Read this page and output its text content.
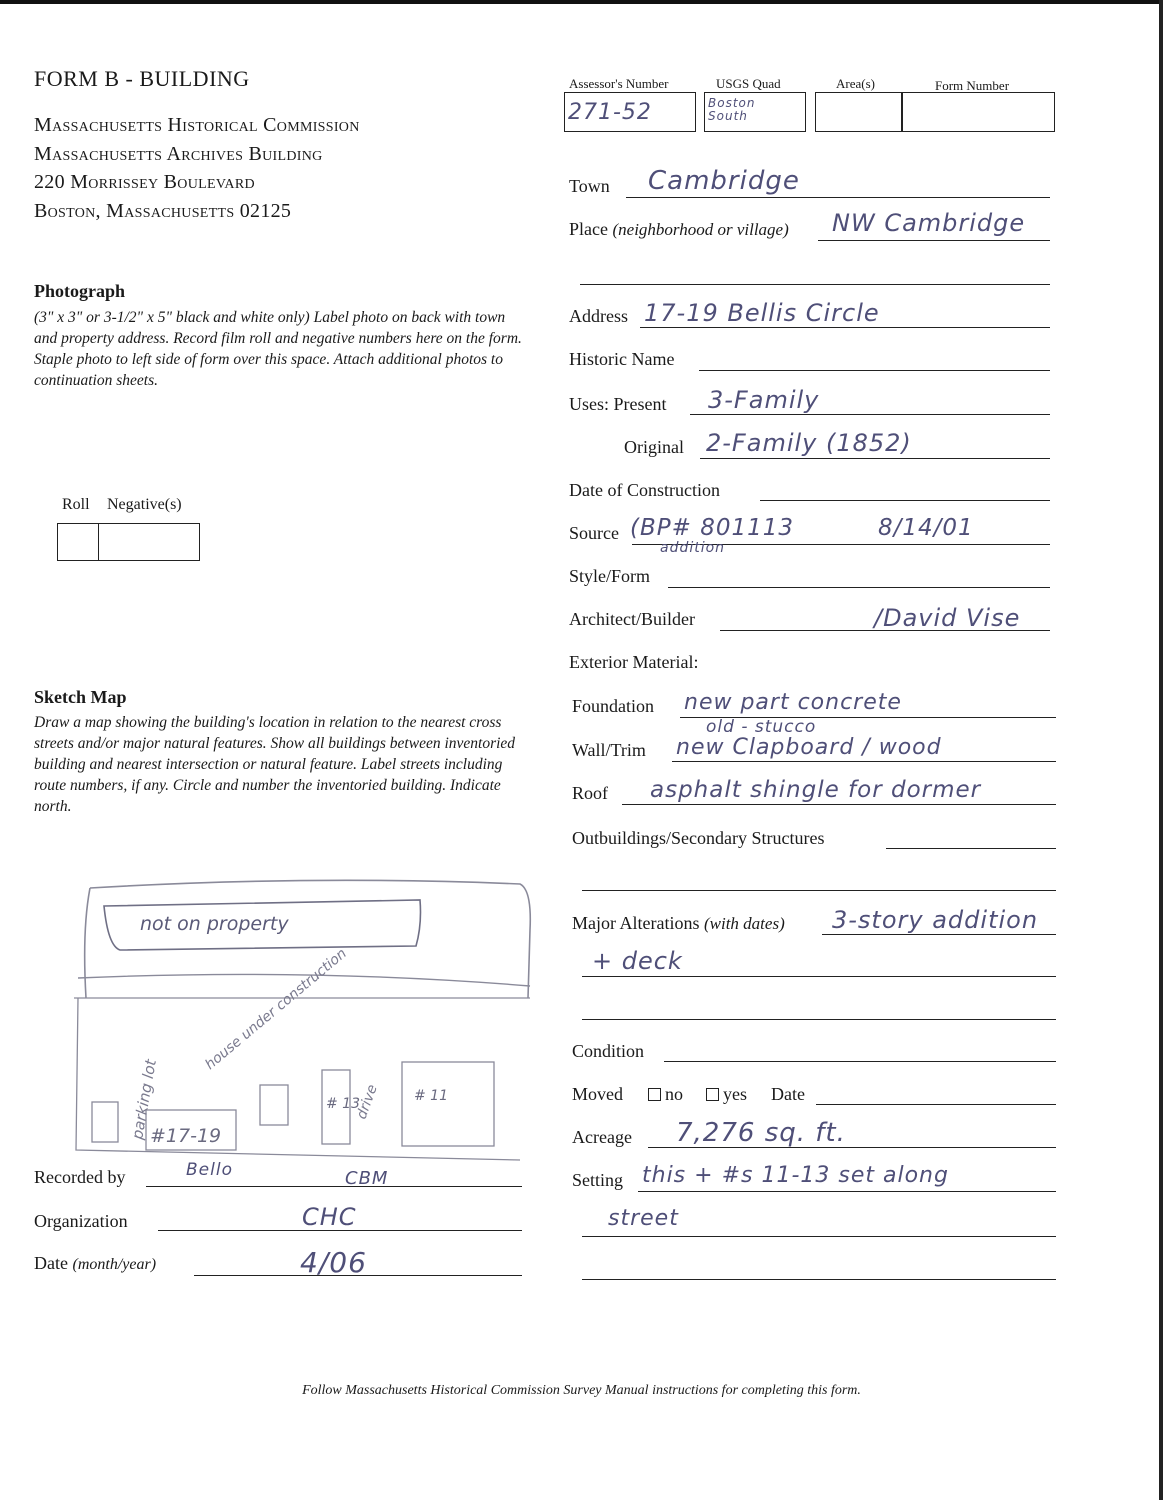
FORM B - BUILDING
Massachusetts Historical Commission
Massachusetts Archives Building
220 Morrissey Boulevard
Boston, Massachusetts 02125
Assessor's Number	USGS Quad	Area(s)	Form Number
271-52	Boston South
Photograph
(3" x 3" or 3-1/2" x 5" black and white only) Label photo on back with town and property address. Record film roll and negative numbers here on the form. Staple photo to left side of form over this space. Attach additional photos to continuation sheets.
Roll Negative(s)
Sketch Map
Draw a map showing the building's location in relation to the nearest cross streets and/or major natural features. Show all buildings between inventoried building and nearest intersection or natural feature. Label streets including route numbers, if any. Circle and number the inventoried building. Indicate north.
not on property
parking lot
house under construction
#17-19
# 13
drive # 11
Recorded by	Bello	CBM
Organization	CHC
Date (month/year)	4/06
Town Cambridge
Place (neighborhood or village) NW Cambridge
Address 17-19 Bellis Circle
Historic Name
Uses: Present 3-Family
Original 2-Family (1852)
Date of Construction
Source (BP# 801113
addition
8/14/01
Style/Form
Architect/Builder	/David Vise
Exterior Material:
Foundation new part concrete
old - stucco
Wall/Trim new Clapboard / wood
Roof asphalt shingle for dormer
Outbuildings/Secondary Structures
Major Alterations (with dates) 3-story addition
+ deck
Condition
Moved	no	yes Date
Acreage 7,276 sq. ft.
Setting this + #s 11-13 set along
street
Follow Massachusetts Historical Commission Survey Manual instructions for completing this form.
